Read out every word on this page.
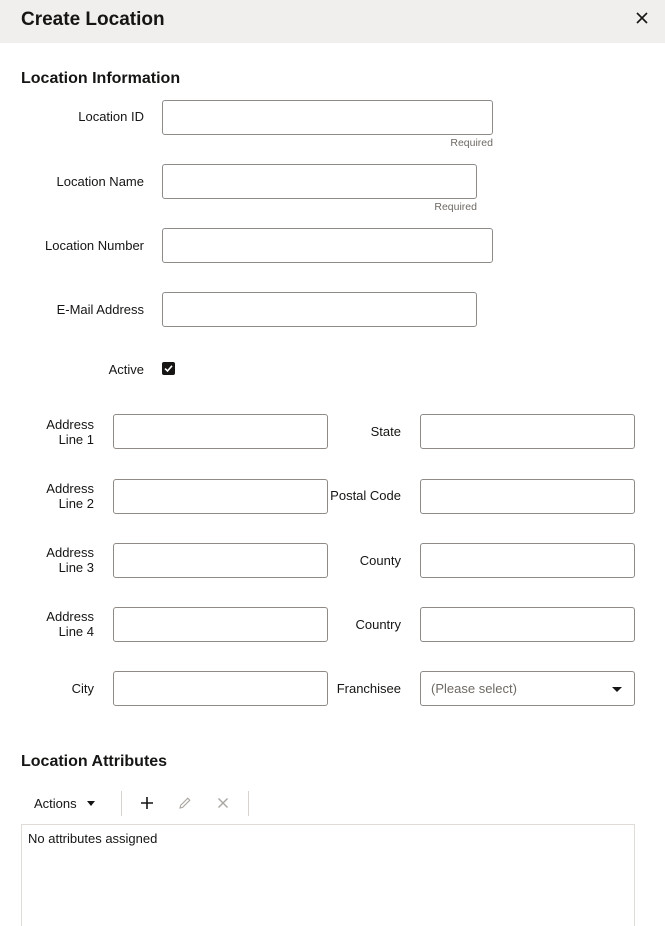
Create Location
Location Information
Location ID
Required
Location Name
Required
Location Number
E-Mail Address
Active
Address
Line 1
Address
Line 2
Address
Line 3
Address
Line 4
City
State
Postal Code
County
Country
Franchisee (Please select)
Location Attributes
Actions
No attributes assigned
